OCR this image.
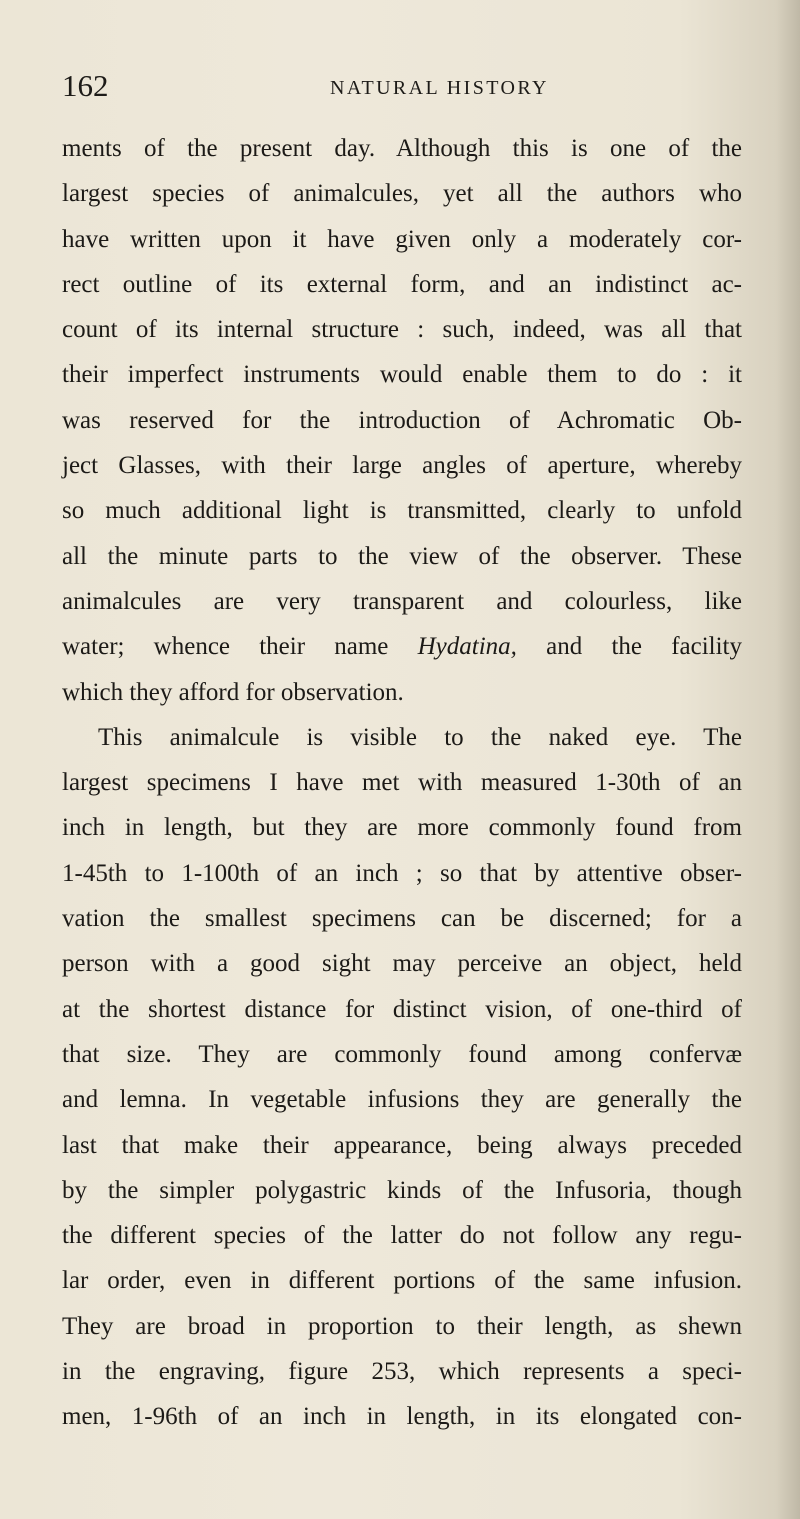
162	NATURAL HISTORY
ments of the present day. Although this is one of the
largest species of animalcules, yet all the authors who
have written upon it have given only a moderately cor-
rect outline of its external form, and an indistinct ac-
count of its internal structure : such, indeed, was all that
their imperfect instruments would enable them to do : it
was reserved for the introduction of Achromatic Ob-
ject Glasses, with their large angles of aperture, whereby
so much additional light is transmitted, clearly to unfold
all the minute parts to the view of the observer. These
animalcules are very transparent and colourless, like
water; whence their name Hydatina, and the facility
which they afford for observation.
This animalcule is visible to the naked eye. The
largest specimens I have met with measured 1-30th of an
inch in length, but they are more commonly found from
1-45th to 1-100th of an inch ; so that by attentive obser-
vation the smallest specimens can be discerned; for a
person with a good sight may perceive an object, held
at the shortest distance for distinct vision, of one-third of
that size. They are commonly found among confervæ
and lemna. In vegetable infusions they are generally the
last that make their appearance, being always preceded
by the simpler polygastric kinds of the Infusoria, though
the different species of the latter do not follow any regu-
lar order, even in different portions of the same infusion.
They are broad in proportion to their length, as shewn
in the engraving, figure 253, which represents a speci-
men, 1-96th of an inch in length, in its elongated con-
